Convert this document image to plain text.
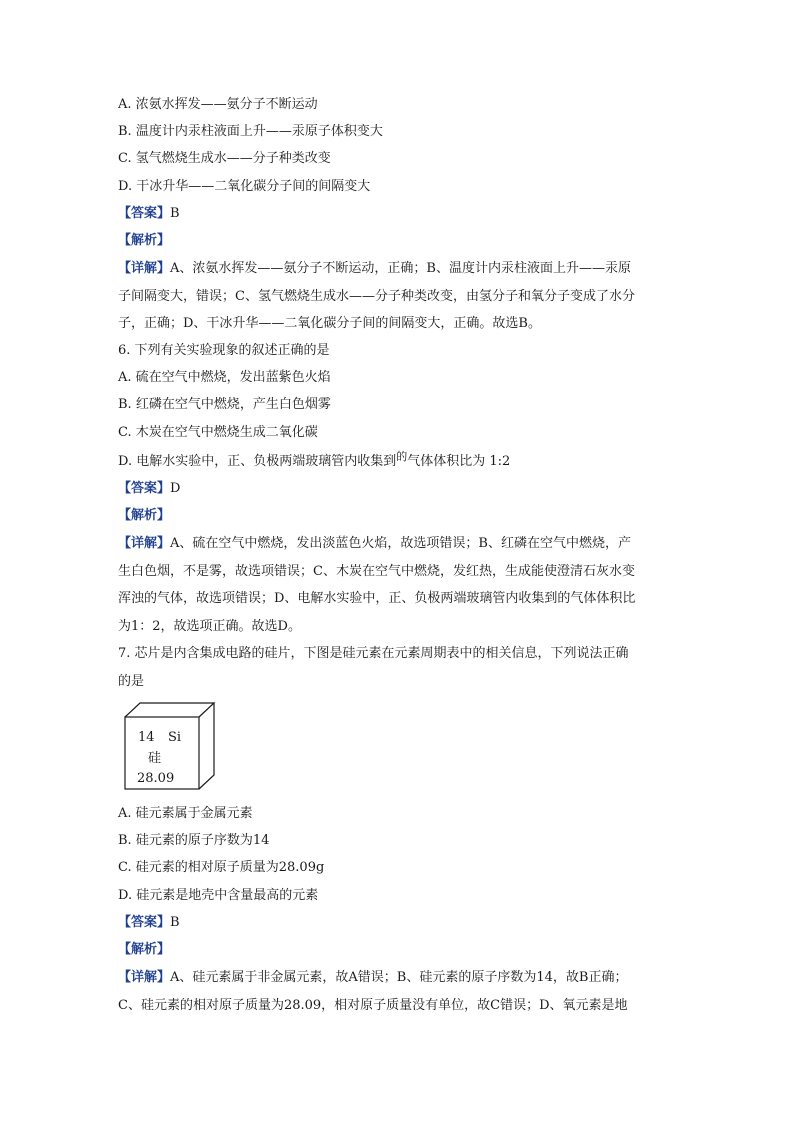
A. 浓氨水挥发——氨分子不断运动
B. 温度计内汞柱液面上升——汞原子体积变大
C. 氢气燃烧生成水——分子种类改变
D. 干冰升华——二氧化碳分子间的间隔变大
【答案】B
【解析】
【详解】A、浓氨水挥发——氨分子不断运动，正确；B、温度计内汞柱液面上升——汞原
子间隔变大，错误；C、氢气燃烧生成水——分子种类改变，由氢分子和氧分子变成了水分
子，正确；D、干冰升华——二氧化碳分子间的间隔变大，正确。故选B。
6. 下列有关实验现象的叙述正确的是
A. 硫在空气中燃烧，发出蓝紫色火焰
B. 红磷在空气中燃烧，产生白色烟雾
C. 木炭在空气中燃烧生成二氧化碳
D. 电解水实验中，正、负极两端玻璃管内收集到$^的$气体体积比为 1:2
【答案】D
【解析】
【详解】A、硫在空气中燃烧，发出淡蓝色火焰，故选项错误；B、红磷在空气中燃烧，产
生白色烟，不是雾，故选项错误；C、木炭在空气中燃烧，发红热，生成能使澄清石灰水变
浑浊的气体，故选项错误；D、电解水实验中，正、负极两端玻璃管内收集到的气体体积比
为1：2，故选项正确。故选D。
7. 芯片是内含集成电路的硅片，下图是硅元素在元素周期表中的相关信息，下列说法正确
的是
14 Si
硅
28.09
A. 硅元素属于金属元素
B. 硅元素的原子序数为14
C. 硅元素的相对原子质量为28.09g
D. 硅元素是地壳中含量最高的元素
【答案】B
【解析】
【详解】A、硅元素属于非金属元素，故A错误；B、硅元素的原子序数为14，故B正确；
C、硅元素的相对原子质量为28.09，相对原子质量没有单位，故C错误；D、氧元素是地
